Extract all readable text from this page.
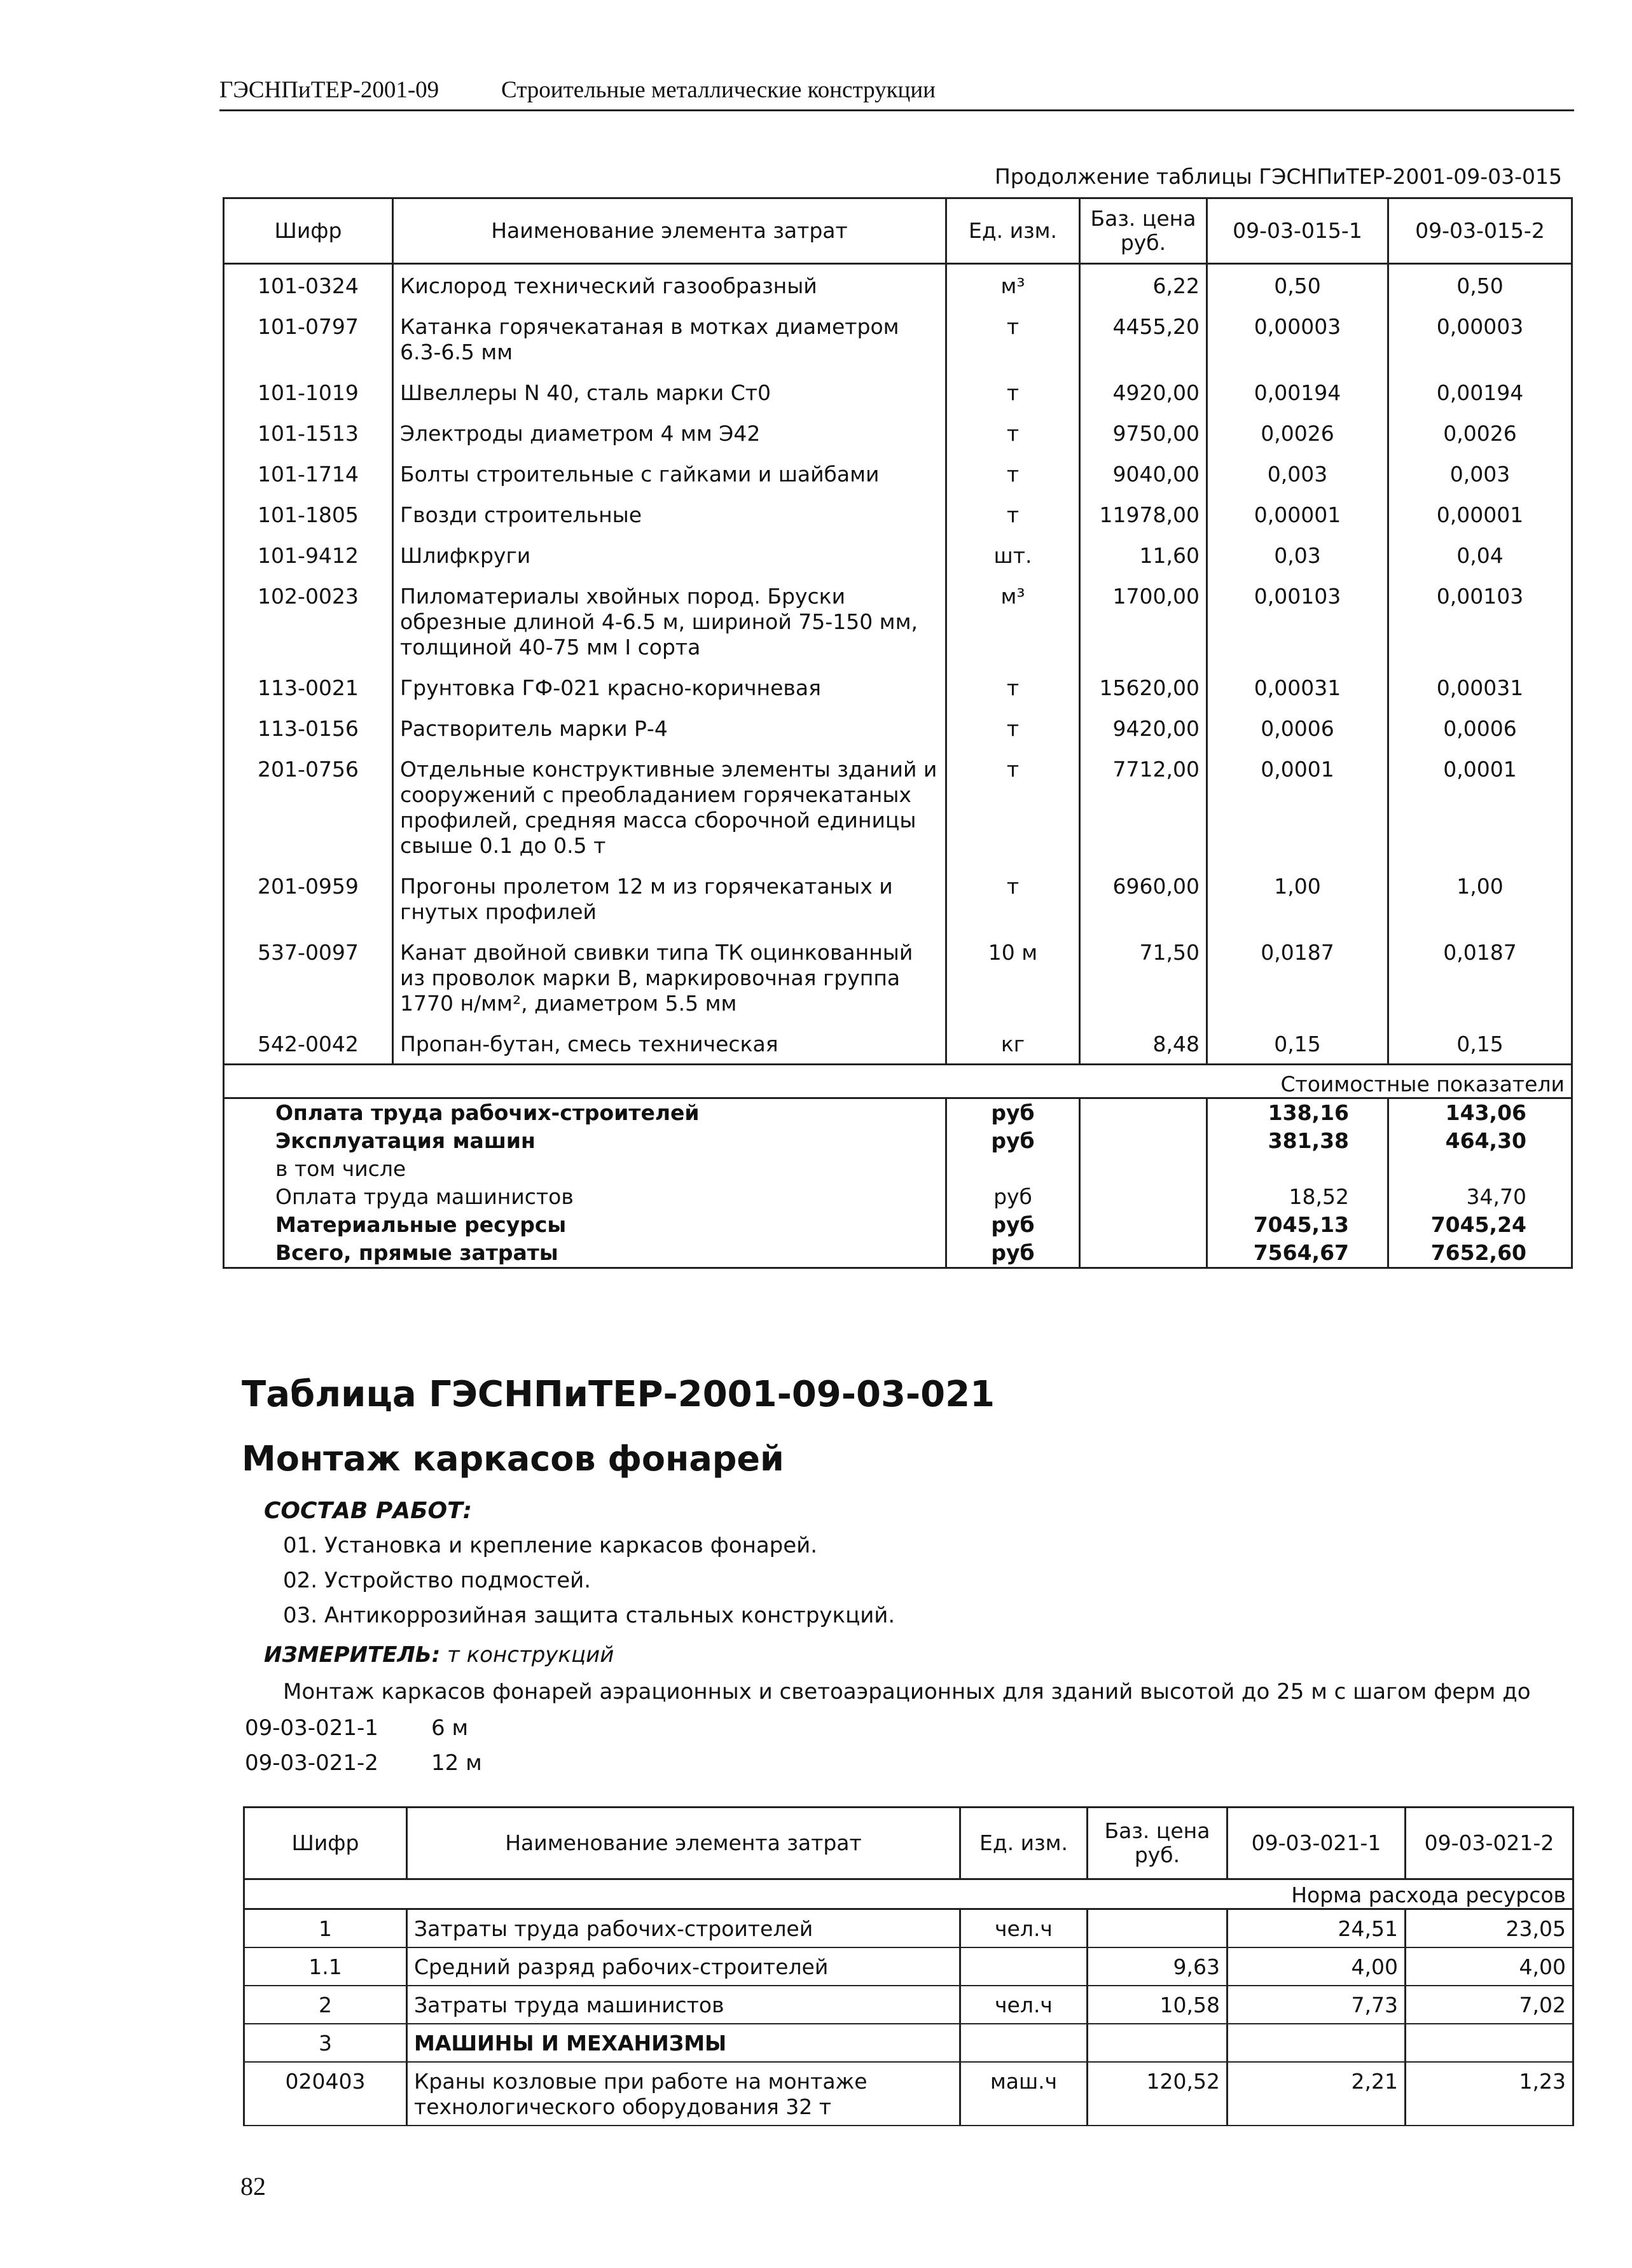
ГЭСНПиТЕР-2001-09	Строительные металлические конструкции
Продолжение таблицы ГЭСНПиТЕР-2001-09-03-015
Шифр	Наименование элемента затрат	Ед. изм.	Баз. цена руб.	09-03-015-1	09-03-015-2
101-0324	Кислород технический газообразный	м³	6,22	0,50	0,50
101-0797	Катанка горячекатаная в мотках диаметром 6.3-6.5 мм	т	4455,20	0,00003	0,00003
101-1019	Швеллеры N 40, сталь марки Ст0	т	4920,00	0,00194	0,00194
101-1513	Электроды диаметром 4 мм Э42	т	9750,00	0,0026	0,0026
101-1714	Болты строительные с гайками и шайбами	т	9040,00	0,003	0,003
101-1805	Гвозди строительные	т	11978,00	0,00001	0,00001
101-9412	Шлифкруги	шт.	11,60	0,03	0,04
102-0023	Пиломатериалы хвойных пород. Бруски обрезные длиной 4-6.5 м, шириной 75-150 мм, толщиной 40-75 мм I сорта	м³	1700,00	0,00103	0,00103
113-0021	Грунтовка ГФ-021 красно-коричневая	т	15620,00	0,00031	0,00031
113-0156	Растворитель марки Р-4	т	9420,00	0,0006	0,0006
201-0756	Отдельные конструктивные элементы зданий и сооружений с преобладанием горячекатаных профилей, средняя масса сборочной единицы свыше 0.1 до 0.5 т	т	7712,00	0,0001	0,0001
201-0959	Прогоны пролетом 12 м из горячекатаных и гнутых профилей	т	6960,00	1,00	1,00
537-0097	Канат двойной свивки типа ТК оцинкованный из проволок марки В, маркировочная группа 1770 н/мм², диаметром 5.5 мм	10 м	71,50	0,0187	0,0187
542-0042	Пропан-бутан, смесь техническая	кг	8,48	0,15	0,15
Стоимостные показатели					
Оплата труда рабочих-строителей		руб		138,16	143,06
Эксплуатация машин		руб		381,38	464,30
в том числе					
Оплата труда машинистов		руб		18,52	34,70
Материальные ресурсы		руб		7045,13	7045,24
Всего, прямые затраты		руб		7564,67	7652,60
Таблица ГЭСНПиТЕР-2001-09-03-021
Монтаж каркасов фонарей
СОСТАВ РАБОТ:
01. Установка и крепление каркасов фонарей.
02. Устройство подмостей.
03. Антикоррозийная защита стальных конструкций.
ИЗМЕРИТЕЛЬ: т конструкций
Монтаж каркасов фонарей аэрационных и светоаэрационных для зданий высотой до 25 м с шагом ферм до
09-03-021-1 6 м
09-03-021-2 12 м
Шифр	Наименование элемента затрат	Ед. изм.	Баз. цена руб.	09-03-021-1	09-03-021-2
Норма расхода ресурсов					
1	Затраты труда рабочих-строителей	чел.ч		24,51	23,05
1.1	Средний разряд рабочих-строителей		9,63	4,00	4,00
2	Затраты труда машинистов	чел.ч	10,58	7,73	7,02
3	МАШИНЫ И МЕХАНИЗМЫ				
020403	Краны козловые при работе на монтаже технологического оборудования 32 т	маш.ч	120,52	2,21	1,23
82
